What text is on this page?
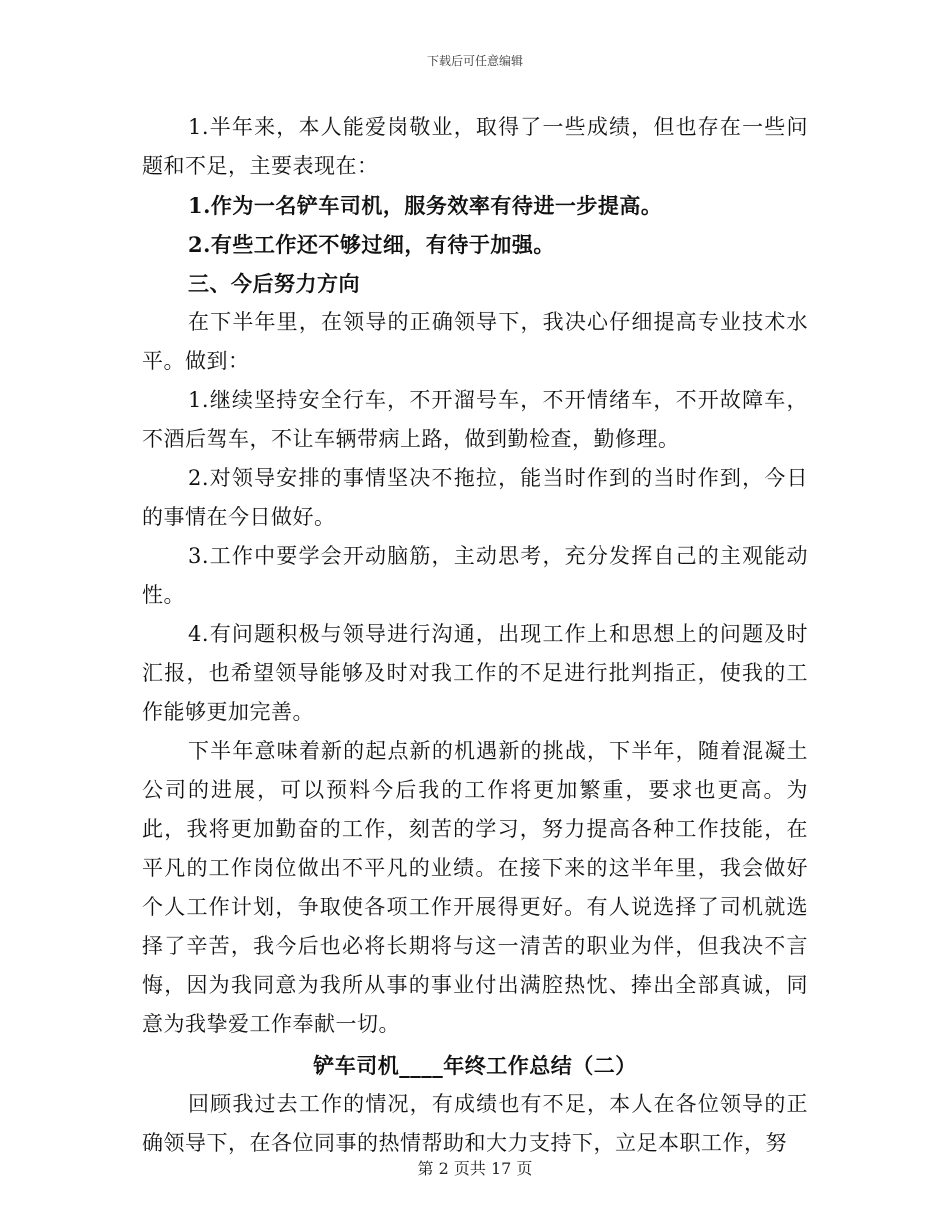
下载后可任意编辑

1.半年来，本人能爱岗敬业，取得了一些成绩，但也存在一些问题和不足，主要表现在：

1.作为一名铲车司机，服务效率有待进一步提高。

2.有些工作还不够过细，有待于加强。

三、今后努力方向

在下半年里，在领导的正确领导下，我决心仔细提高专业技术水平。做到：

1.继续坚持安全行车，不开溜号车，不开情绪车，不开故障车，不酒后驾车，不让车辆带病上路，做到勤检查，勤修理。

2.对领导安排的事情坚决不拖拉，能当时作到的当时作到，今日的事情在今日做好。

3.工作中要学会开动脑筋，主动思考，充分发挥自己的主观能动性。

4.有问题积极与领导进行沟通，出现工作上和思想上的问题及时汇报，也希望领导能够及时对我工作的不足进行批判指正，使我的工作能够更加完善。

下半年意味着新的起点新的机遇新的挑战，下半年，随着混凝土公司的进展，可以预料今后我的工作将更加繁重，要求也更高。为此，我将更加勤奋的工作，刻苦的学习，努力提高各种工作技能，在平凡的工作岗位做出不平凡的业绩。在接下来的这半年里，我会做好个人工作计划，争取使各项工作开展得更好。有人说选择了司机就选择了辛苦，我今后也必将长期将与这一清苦的职业为伴，但我决不言悔，因为我同意为我所从事的事业付出满腔热忱、捧出全部真诚，同意为我挚爱工作奉献一切。

铲车司机____年终工作总结（二）

回顾我过去工作的情况，有成绩也有不足，本人在各位领导的正确领导下，在各位同事的热情帮助和大力支持下，立足本职工作，努

第 2 页共 17 页
